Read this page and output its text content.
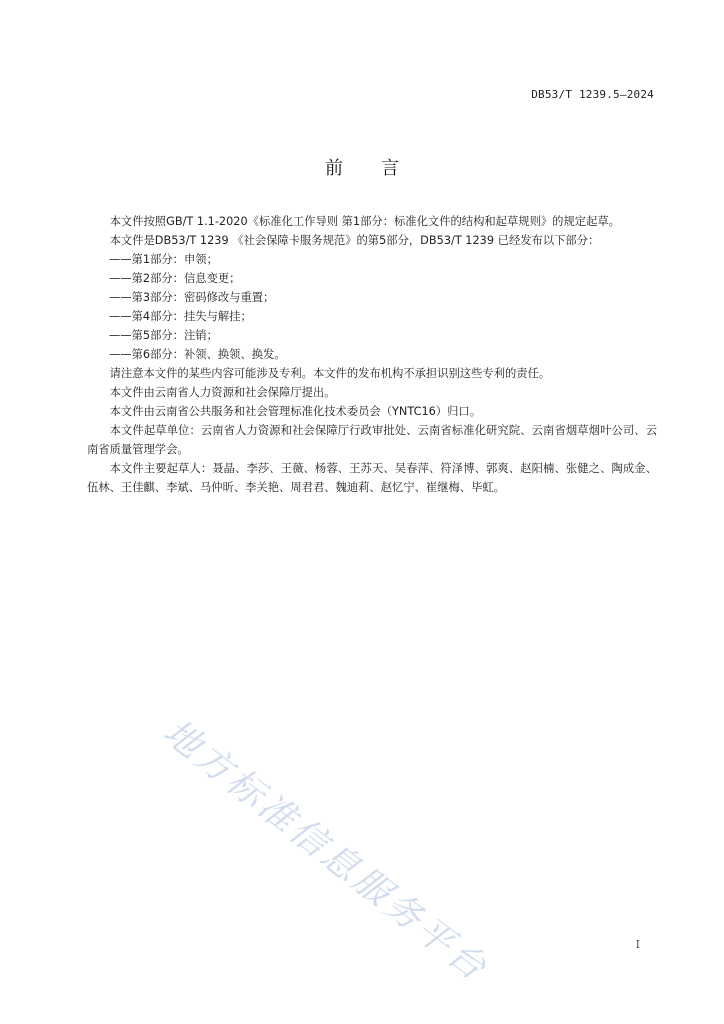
DB53/T 1239.5—2024
前言

本文件按照GB/T 1.1-2020《标准化工作导则 第1部分：标准化文件的结构和起草规则》的规定起草。

本文件是DB53/T 1239 《社会保障卡服务规范》的第5部分，DB53/T 1239 已经发布以下部分：

——第1部分：申领；

——第2部分：信息变更；

——第3部分：密码修改与重置；

——第4部分：挂失与解挂；

——第5部分：注销；

——第6部分：补领、换领、换发。

请注意本文件的某些内容可能涉及专利。本文件的发布机构不承担识别这些专利的责任。

本文件由云南省人力资源和社会保障厅提出。

本文件由云南省公共服务和社会管理标准化技术委员会（YNTC16）归口。

本文件起草单位：云南省人力资源和社会保障厅行政审批处、云南省标准化研究院、云南省烟草烟叶公司、云南省质量管理学会。

本文件主要起草人：聂晶、李莎、王薇、杨蓉、王苏天、吴春萍、符泽博、郭爽、赵阳楠、张健之、陶成金、伍林、王佳麒、李斌、马仲昕、李关艳、周君君、魏迪莉、赵忆宁、崔继梅、毕虹。

地方标准信息服务平台	I
